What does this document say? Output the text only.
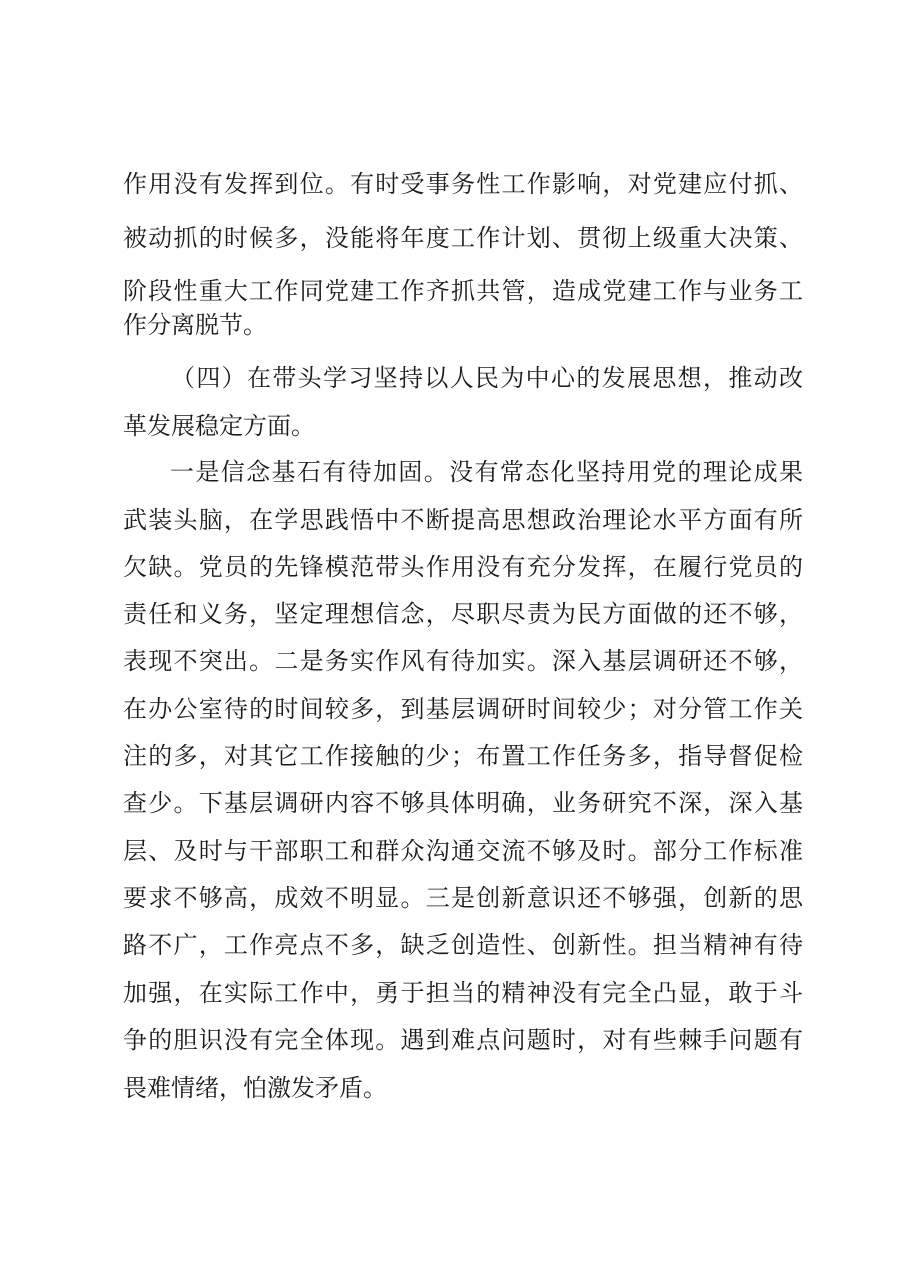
作用没有发挥到位。有时受事务性工作影响，对党建应付抓、
被动抓的时候多，没能将年度工作计划、贯彻上级重大决策、
阶段性重大工作同党建工作齐抓共管，造成党建工作与业务工
作分离脱节。
（四）在带头学习坚持以人民为中心的发展思想，推动改
革发展稳定方面。
一是信念基石有待加固。没有常态化坚持用党的理论成果
武装头脑，在学思践悟中不断提高思想政治理论水平方面有所
欠缺。党员的先锋模范带头作用没有充分发挥，在履行党员的
责任和义务，坚定理想信念，尽职尽责为民方面做的还不够，
表现不突出。二是务实作风有待加实。深入基层调研还不够，
在办公室待的时间较多，到基层调研时间较少；对分管工作关
注的多，对其它工作接触的少；布置工作任务多，指导督促检
查少。下基层调研内容不够具体明确，业务研究不深，深入基
层、及时与干部职工和群众沟通交流不够及时。部分工作标准
要求不够高，成效不明显。三是创新意识还不够强，创新的思
路不广，工作亮点不多，缺乏创造性、创新性。担当精神有待
加强，在实际工作中，勇于担当的精神没有完全凸显，敢于斗
争的胆识没有完全体现。遇到难点问题时，对有些棘手问题有
畏难情绪，怕激发矛盾。
